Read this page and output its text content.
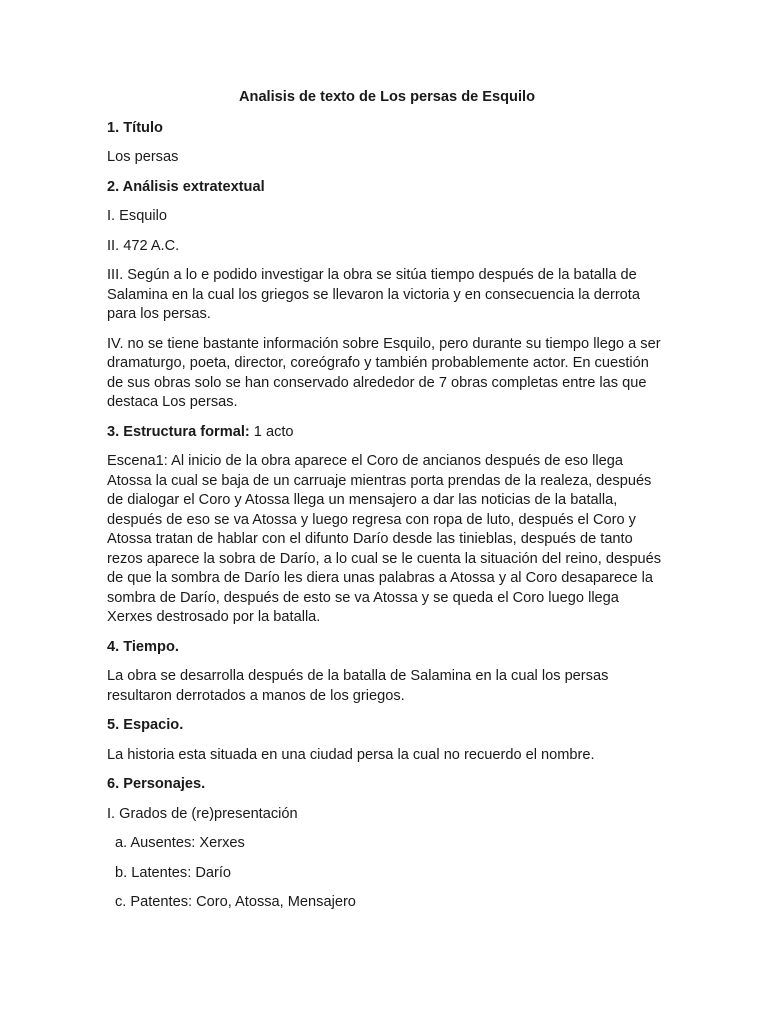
Analisis de texto de Los persas de Esquilo
1. Título
Los persas
2. Análisis extratextual
I. Esquilo
II. 472 A.C.
III. Según a lo e podido investigar la obra se sitúa tiempo después de la batalla de Salamina en la cual los griegos se llevaron la victoria y en consecuencia la derrota para los persas.
IV. no se tiene bastante información sobre Esquilo, pero durante su tiempo llego a ser dramaturgo, poeta, director, coreógrafo y también probablemente actor. En cuestión de sus obras solo se han conservado alrededor de 7 obras completas entre las que destaca Los persas.
3. Estructura formal: 1 acto
Escena1: Al inicio de la obra aparece el Coro de ancianos después de eso llega Atossa la cual se baja de un carruaje mientras porta prendas de la realeza, después de dialogar el Coro y Atossa llega un mensajero a dar las noticias de la batalla, después de eso se va Atossa y luego regresa con ropa de luto, después el Coro y Atossa tratan de hablar con el difunto Darío desde las tinieblas, después de tanto rezos aparece la sobra de Darío, a lo cual se le cuenta la situación del reino, después de que la sombra de Darío les diera unas palabras a Atossa y al Coro desaparece la sombra de Darío, después de esto se va Atossa y se queda el Coro luego llega Xerxes destrosado por la batalla.
4. Tiempo.
La obra se desarrolla después de la batalla de Salamina en la cual los persas resultaron derrotados a manos de los griegos.
5. Espacio.
La historia esta situada en una ciudad persa la cual no recuerdo el nombre.
6. Personajes.
I. Grados de (re)presentación
a. Ausentes: Xerxes
b. Latentes: Darío
c. Patentes: Coro, Atossa, Mensajero
